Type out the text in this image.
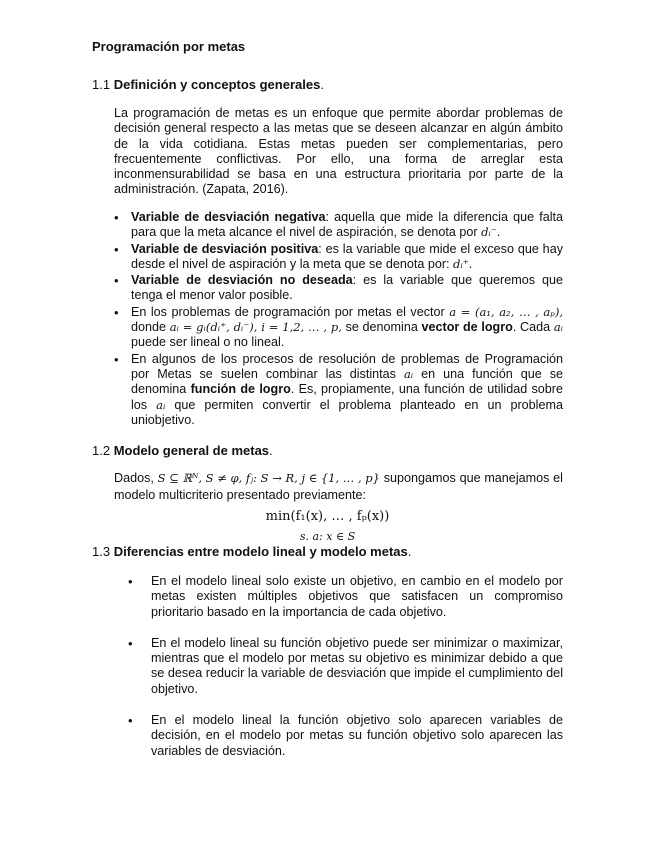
Programación por metas
1.1 Definición y conceptos generales.
La programación de metas es un enfoque que permite abordar problemas de decisión general respecto a las metas que se deseen alcanzar en algún ámbito de la vida cotidiana. Estas metas pueden ser complementarias, pero frecuentemente conflictivas. Por ello, una forma de arreglar esta inconmensurabilidad se basa en una estructura prioritaria por parte de la administración. (Zapata, 2016).
• Variable de desviación negativa: aquella que mide la diferencia que falta para que la meta alcance el nivel de aspiración, se denota por dᵢ⁻.
• Variable de desviación positiva: es la variable que mide el exceso que hay desde el nivel de aspiración y la meta que se denota por: dᵢ⁺.
• Variable de desviación no deseada: es la variable que queremos que tenga el menor valor posible.
• En los problemas de programación por metas el vector a = (a₁, a₂, … , aₚ), donde aᵢ = gᵢ(dᵢ⁺, dᵢ⁻), i = 1,2, … , p, se denomina vector de logro. Cada aᵢ puede ser lineal o no lineal.
• En algunos de los procesos de resolución de problemas de Programación por Metas se suelen combinar las distintas aᵢ en una función que se denomina función de logro. Es, propiamente, una función de utilidad sobre los aᵢ que permiten convertir el problema planteado en un problema uniobjetivo.
1.2 Modelo general de metas.
Dados, S ⊆ ℝᴺ, S ≠ φ, fⱼ: S → R, j ∈ {1, … , p} supongamos que manejamos el
modelo multicriterio presentado previamente:
min(f₁(x), … , fₚ(x))
s. a: x ∈ S
1.3 Diferencias entre modelo lineal y modelo metas.
• En el modelo lineal solo existe un objetivo, en cambio en el modelo por metas existen múltiples objetivos que satisfacen un compromiso prioritario basado en la importancia de cada objetivo.
• En el modelo lineal su función objetivo puede ser minimizar o maximizar, mientras que el modelo por metas su objetivo es minimizar debido a que se desea reducir la variable de desviación que impide el cumplimiento del objetivo.
• En el modelo lineal la función objetivo solo aparecen variables de decisión, en el modelo por metas su función objetivo solo aparecen las variables de desviación.
